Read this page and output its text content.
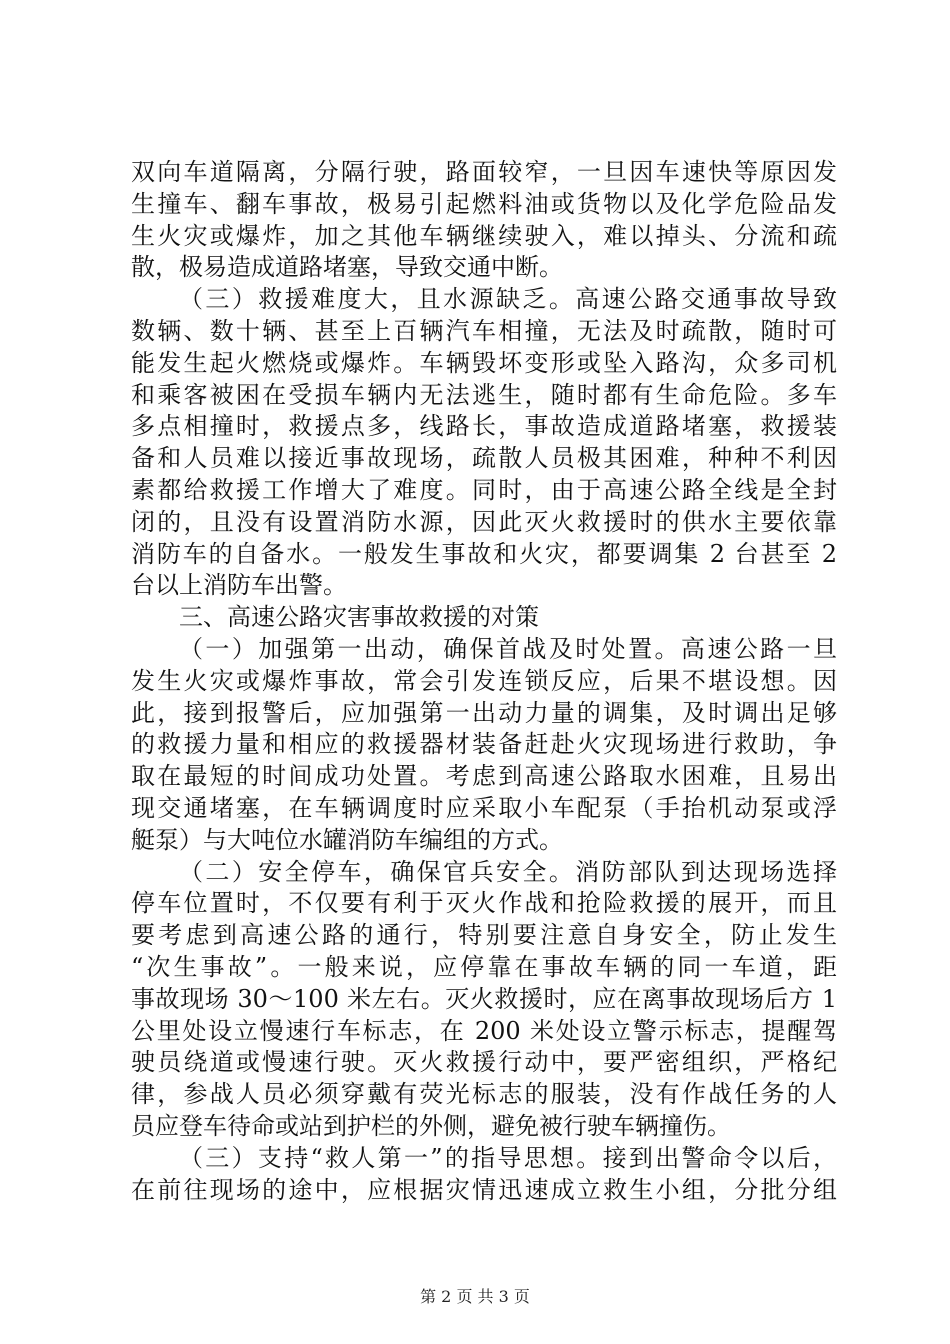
双向车道隔离，分隔行驶，路面较窄，一旦因车速快等原因发
生撞车、翻车事故，极易引起燃料油或货物以及化学危险品发
生火灾或爆炸，加之其他车辆继续驶入，难以掉头、分流和疏
散，极易造成道路堵塞，导致交通中断。
（三）救援难度大，且水源缺乏。高速公路交通事故导致
数辆、数十辆、甚至上百辆汽车相撞，无法及时疏散，随时可
能发生起火燃烧或爆炸。车辆毁坏变形或坠入路沟，众多司机
和乘客被困在受损车辆内无法逃生，随时都有生命危险。多车
多点相撞时，救援点多，线路长，事故造成道路堵塞，救援装
备和人员难以接近事故现场，疏散人员极其困难，种种不利因
素都给救援工作增大了难度。同时，由于高速公路全线是全封
闭的，且没有设置消防水源，因此灭火救援时的供水主要依靠
消防车的自备水。一般发生事故和火灾，都要调集 2 台甚至 2
台以上消防车出警。
三、高速公路灾害事故救援的对策
（一）加强第一出动，确保首战及时处置。高速公路一旦
发生火灾或爆炸事故，常会引发连锁反应，后果不堪设想。因
此，接到报警后，应加强第一出动力量的调集，及时调出足够
的救援力量和相应的救援器材装备赶赴火灾现场进行救助，争
取在最短的时间成功处置。考虑到高速公路取水困难，且易出
现交通堵塞，在车辆调度时应采取小车配泵（手抬机动泵或浮
艇泵）与大吨位水罐消防车编组的方式。
（二）安全停车，确保官兵安全。消防部队到达现场选择
停车位置时，不仅要有利于灭火作战和抢险救援的展开，而且
要考虑到高速公路的通行，特别要注意自身安全，防止发生
“次生事故”。一般来说，应停靠在事故车辆的同一车道，距
事故现场 30～100 米左右。灭火救援时，应在离事故现场后方 1
公里处设立慢速行车标志，在 200 米处设立警示标志，提醒驾
驶员绕道或慢速行驶。灭火救援行动中，要严密组织，严格纪
律，参战人员必须穿戴有荧光标志的服装，没有作战任务的人
员应登车待命或站到护栏的外侧，避免被行驶车辆撞伤。
（三）支持“救人第一”的指导思想。接到出警命令以后，
在前往现场的途中，应根据灾情迅速成立救生小组，分批分组
第 2 页 共 3 页
